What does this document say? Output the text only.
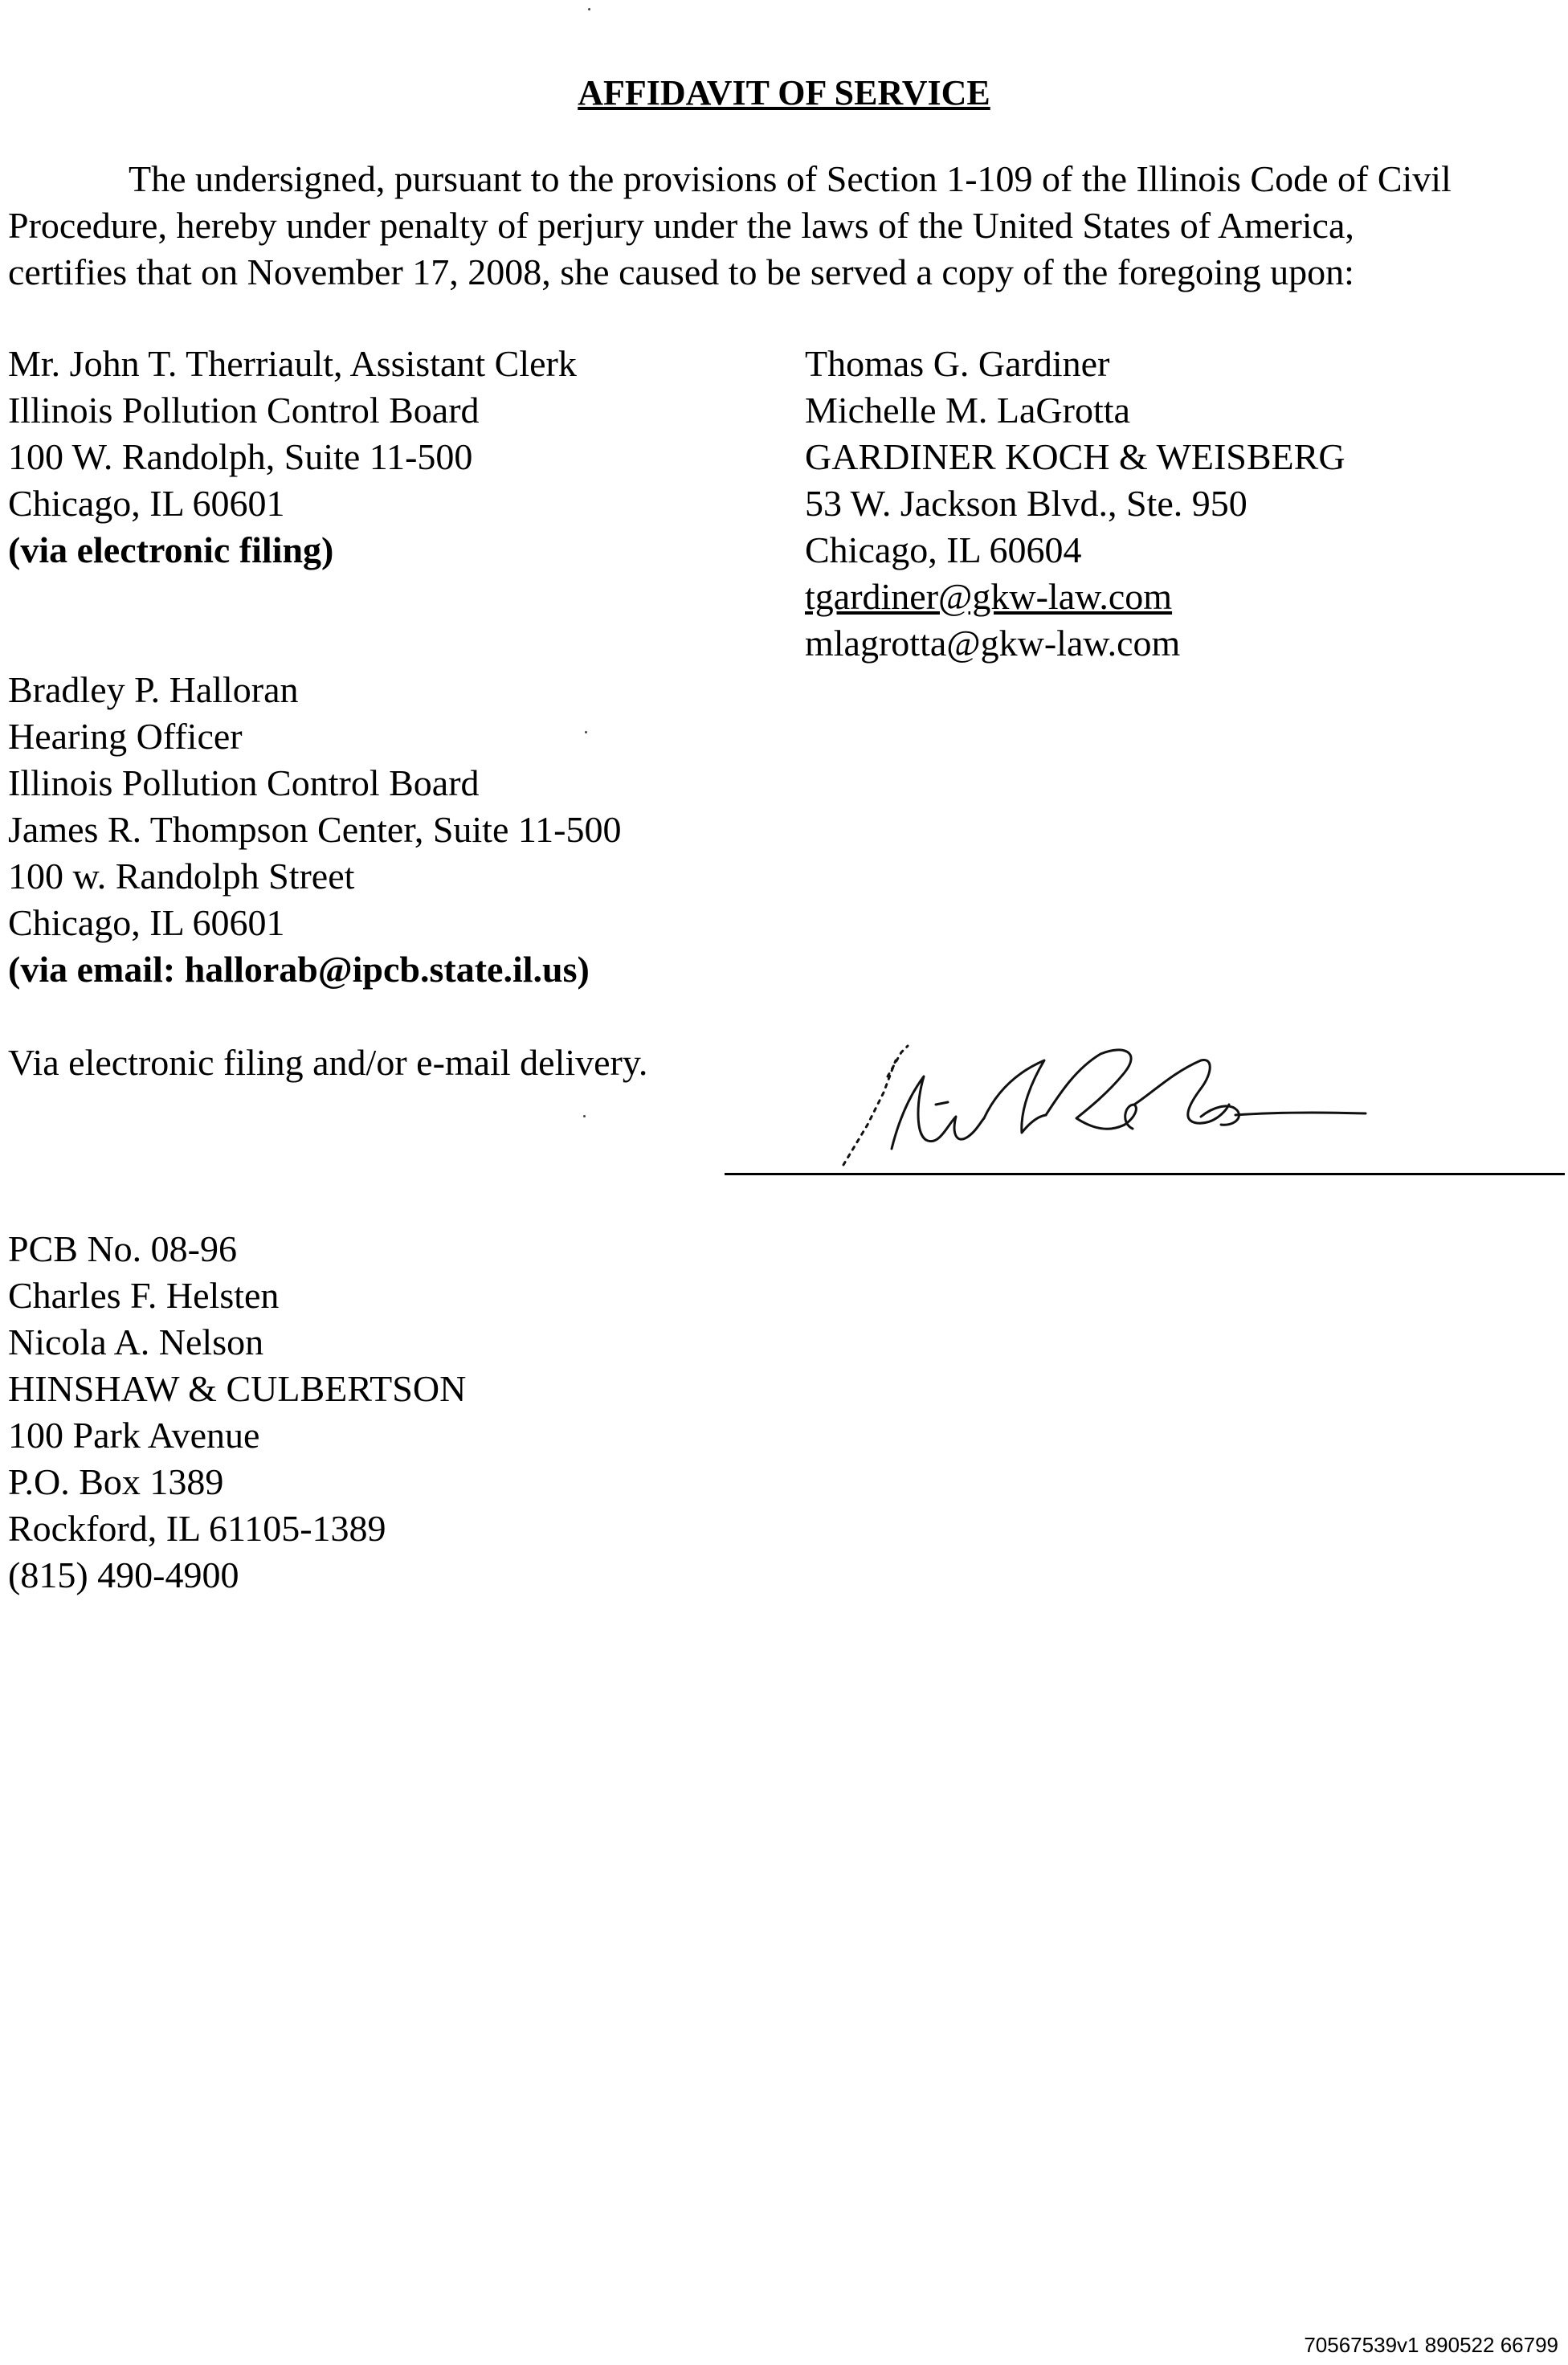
AFFIDAVIT OF SERVICE
The undersigned, pursuant to the provisions of Section 1-109 of the Illinois Code of Civil
Procedure, hereby under penalty of perjury under the laws of the United States of America,
certifies that on November 17, 2008, she caused to be served a copy of the foregoing upon:
Mr. John T. Therriault, Assistant Clerk
Illinois Pollution Control Board
100 W. Randolph, Suite 11-500
Chicago, IL 60601
(via electronic filing)
Thomas G. Gardiner
Michelle M. LaGrotta
GARDINER KOCH & WEISBERG
53 W. Jackson Blvd., Ste. 950
Chicago, IL 60604
tgardiner@gkw-law.com
mlagrotta@gkw-law.com
Bradley P. Halloran
Hearing Officer
Illinois Pollution Control Board
James R. Thompson Center, Suite 11-500
100 w. Randolph Street
Chicago, IL 60601
(via email: hallorab@ipcb.state.il.us)
Via electronic filing and/or e-mail delivery.
PCB No. 08-96
Charles F. Helsten
Nicola A. Nelson
HINSHAW & CULBERTSON
100 Park Avenue
P.O. Box 1389
Rockford, IL 61105-1389
(815) 490-4900
70567539v1 890522 66799
